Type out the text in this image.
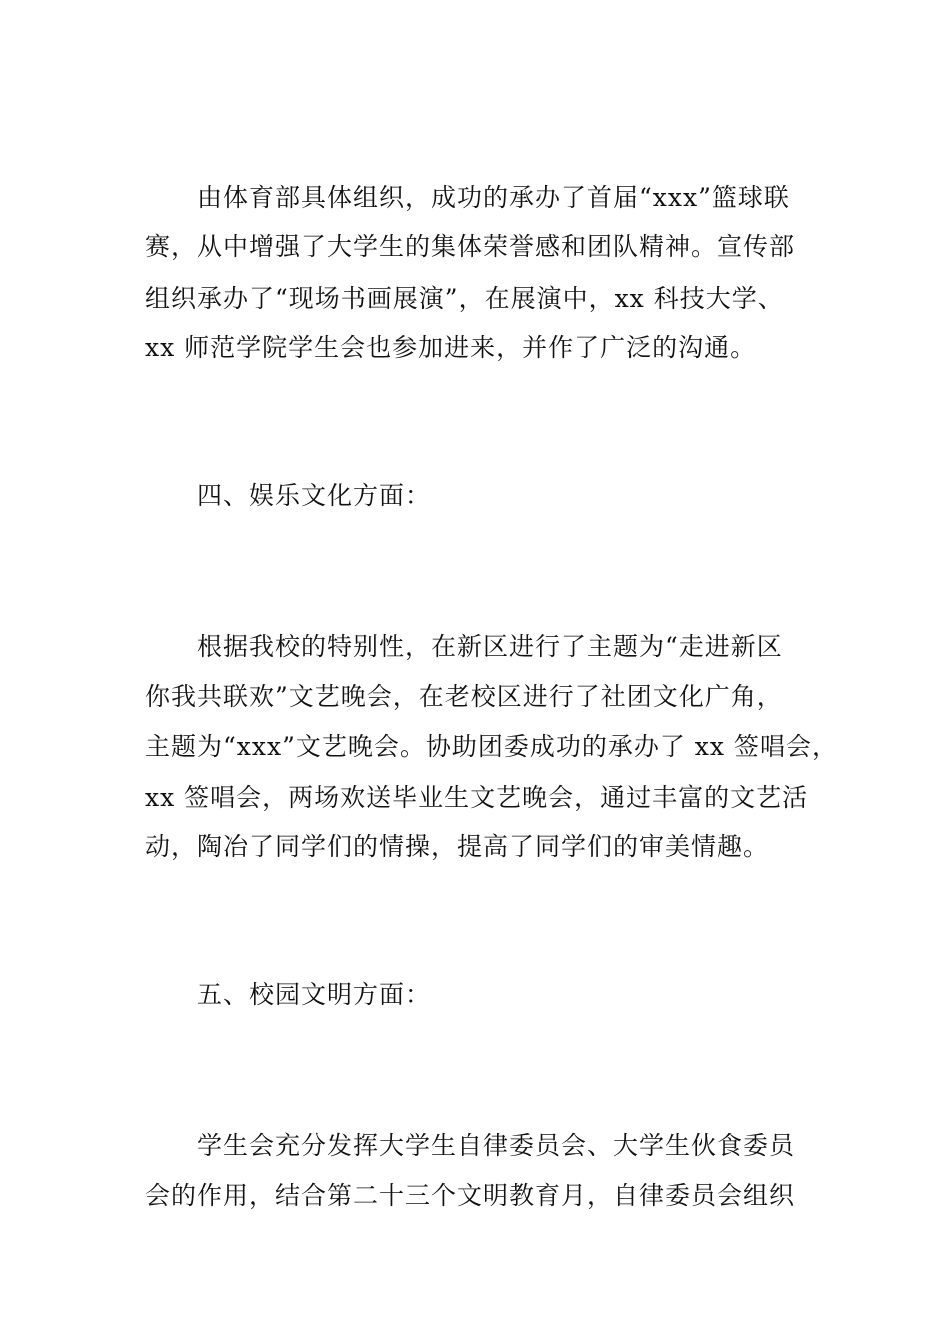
由体育部具体组织，成功的承办了首届“xxx”篮球联
赛，从中增强了大学生的集体荣誉感和团队精神。宣传部
组织承办了“现场书画展演”，在展演中，xx 科技大学、
xx 师范学院学生会也参加进来，并作了广泛的沟通。
四、娱乐文化方面：
根据我校的特别性，在新区进行了主题为“走进新区
你我共联欢”文艺晚会，在老校区进行了社团文化广角，
主题为“xxx”文艺晚会。协助团委成功的承办了 xx 签唱会，
xx 签唱会，两场欢送毕业生文艺晚会，通过丰富的文艺活
动，陶冶了同学们的情操，提高了同学们的审美情趣。
五、校园文明方面：
学生会充分发挥大学生自律委员会、大学生伙食委员
会的作用，结合第二十三个文明教育月，自律委员会组织
